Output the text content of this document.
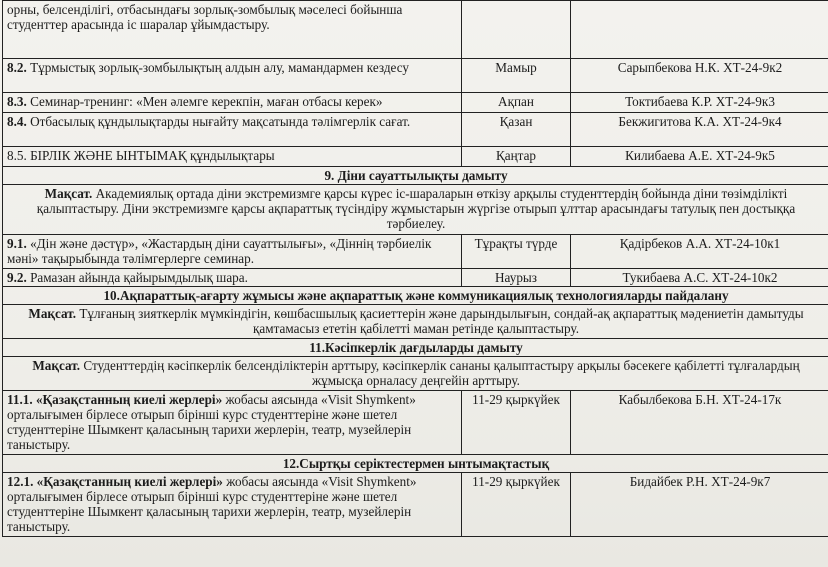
орны, белсенділігі, отбасындағы зорлық-зомбылық мәселесі бойынша студенттер арасында іс шаралар ұйымдастыру.		
8.2. Тұрмыстық зорлық-зомбылықтың алдын алу, мамандармен кездесу	Мамыр	Сарыпбекова Н.К. ХТ-24-9к2
8.3. Семинар-тренинг: «Мен әлемге керекпін, маған отбасы керек»	Ақпан	Токтибаева К.Р. ХТ-24-9к3
8.4. Отбасылық құндылықтарды нығайту мақсатында тәлімгерлік сағат.	Қазан	Бекжигитова К.А. ХТ-24-9к4
8.5. БІРЛІК ЖӘНЕ ЫНТЫМАҚ құндылықтары	Қаңтар	Килибаева А.Е. ХТ-24-9к5
9. Діни сауаттылықты дамыту		
Мақсат. Академиялық ортада діни экстремизмге қарсы күрес іс-шараларын өткізу арқылы студенттердің бойында діни төзімділікті қалыптастыру. Діни экстремизмге қарсы ақпараттық түсіндіру жұмыстарын жүргізе отырып ұлттар арасындағы татулық пен достыққа тәрбиелеу.		
9.1. «Дін және дәстүр», «Жастардың діни сауаттылығы», «Діннің тәрбиелік мәні» тақырыбында тәлімгерлерге семинар.	Тұрақты түрде	Қадірбеков А.А. ХТ-24-10к1
9.2. Рамазан айында қайырымдылық шара.	Наурыз	Тукибаева А.С. ХТ-24-10к2
10.Ақпараттық-ағарту жұмысы және ақпараттық және коммуникациялық технологияларды пайдалану		
Мақсат. Тұлғаның зияткерлік мүмкіндігін, көшбасшылық қасиеттерін және дарындылығын, сондай-ақ ақпараттық мәдениетін дамытуды қамтамасыз ететін қабілетті маман ретінде қалыптастыру.		
11.Кәсіпкерлік дағдыларды дамыту		
Мақсат. Студенттердің кәсіпкерлік белсенділіктерін арттыру, кәсіпкерлік сананы қалыптастыру арқылы бәсекеге қабілетті тұлғалардың жұмысқа орналасу деңгейін арттыру.		
11.1. «Қазақстанның киелі жерлері» жобасы аясында «Visit Shymkent» орталығымен бірлесе отырып бірінші курс студенттеріне және шетел студенттеріне Шымкент қаласының тарихи жерлерін, театр, музейлерін таныстыру.	11-29 қыркүйек	Кабылбекова Б.Н. ХТ-24-17к
12.Сыртқы серіктестермен ынтымақтастық		
12.1. «Қазақстанның киелі жерлері» жобасы аясында «Visit Shymkent» орталығымен бірлесе отырып бірінші курс студенттеріне және шетел студенттеріне Шымкент қаласының тарихи жерлерін, театр, музейлерін таныстыру.	11-29 қыркүйек	Бидайбек Р.Н. ХТ-24-9к7
